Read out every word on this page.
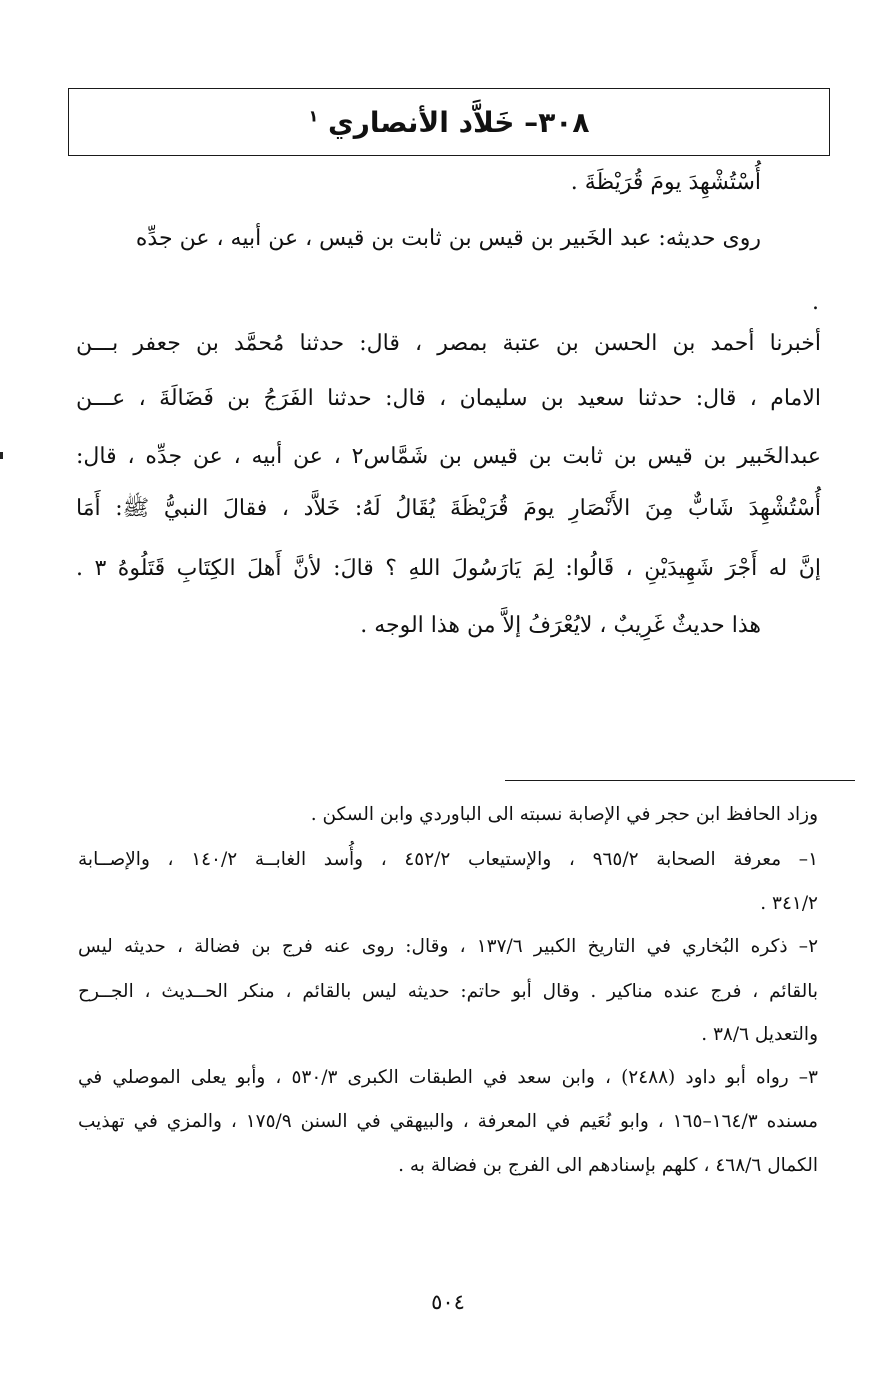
٣٠٨– خَلاَّد الأنصاري $^١$
أُسْتُشْهِدَ يومَ قُرَيْظَةَ .
روى حديثه: عبد الخَبير بن قيس بن ثابت بن قيس ، عن أبيه ، عن جدِّه
.
أخبرنا أحمد بن الحسن بن عتبة بمصر ، قال: حدثنا مُحمَّد بن جعفر بـــن
الامام ، قال: حدثنا سعيد بن سليمان ، قال: حدثنا الفَرَجُ بن فَضَالَةَ ، عـــن
عبدالخَبير بن قيس بن ثابت بن قيس بن شَمَّاس٢ ، عن أبيه ، عن جدِّه ، قال:
أُسْتُشْهِدَ شَابٌّ مِنَ الأَنْصَارِ يومَ قُرَيْظَةَ يُقَالُ لَهُ: خَلاَّد ، فقالَ النبيُّ ﷺ: أَمَا
إنَّ له أَجْرَ شَهِيدَيْنِ ، قَالُوا: لِمَ يَارَسُولَ اللهِ ؟ قالَ: لأنَّ أَهلَ الكِتَابِ قَتَلُوهُ ٣ .
هذا حديثٌ غَرِيبٌ ، لايُعْرَفُ إلاَّ من هذا الوجه .
وزاد الحافظ ابن حجر في الإصابة نسبته الى الباوردي وابن السكن .
١– معرفة الصحابة ٩٦٥/٢ ، والإستيعاب ٤٥٢/٢ ، وأُسد الغابــة ١٤٠/٢ ، والإصــابة
٣٤١/٢ .
٢– ذكره البُخاري في التاريخ الكبير ١٣٧/٦ ، وقال: روى عنه فرج بن فضالة ، حديثه ليس
بالقائم ، فرج عنده مناكير . وقال أبو حاتم: حديثه ليس بالقائم ، منكر الحــديث ، الجــرح
والتعديل ٣٨/٦ .
٣– رواه أبو داود (٢٤٨٨) ، وابن سعد في الطبقات الكبرى ٥٣٠/٣ ، وأبو يعلى الموصلي في
مسنده ١٦٤/٣–١٦٥ ، وابو نُعَيم في المعرفة ، والبيهقي في السنن ١٧٥/٩ ، والمزي في تهذيب
الكمال ٤٦٨/٦ ، كلهم بإسنادهم الى الفرج بن فضالة به .
٥٠٤
